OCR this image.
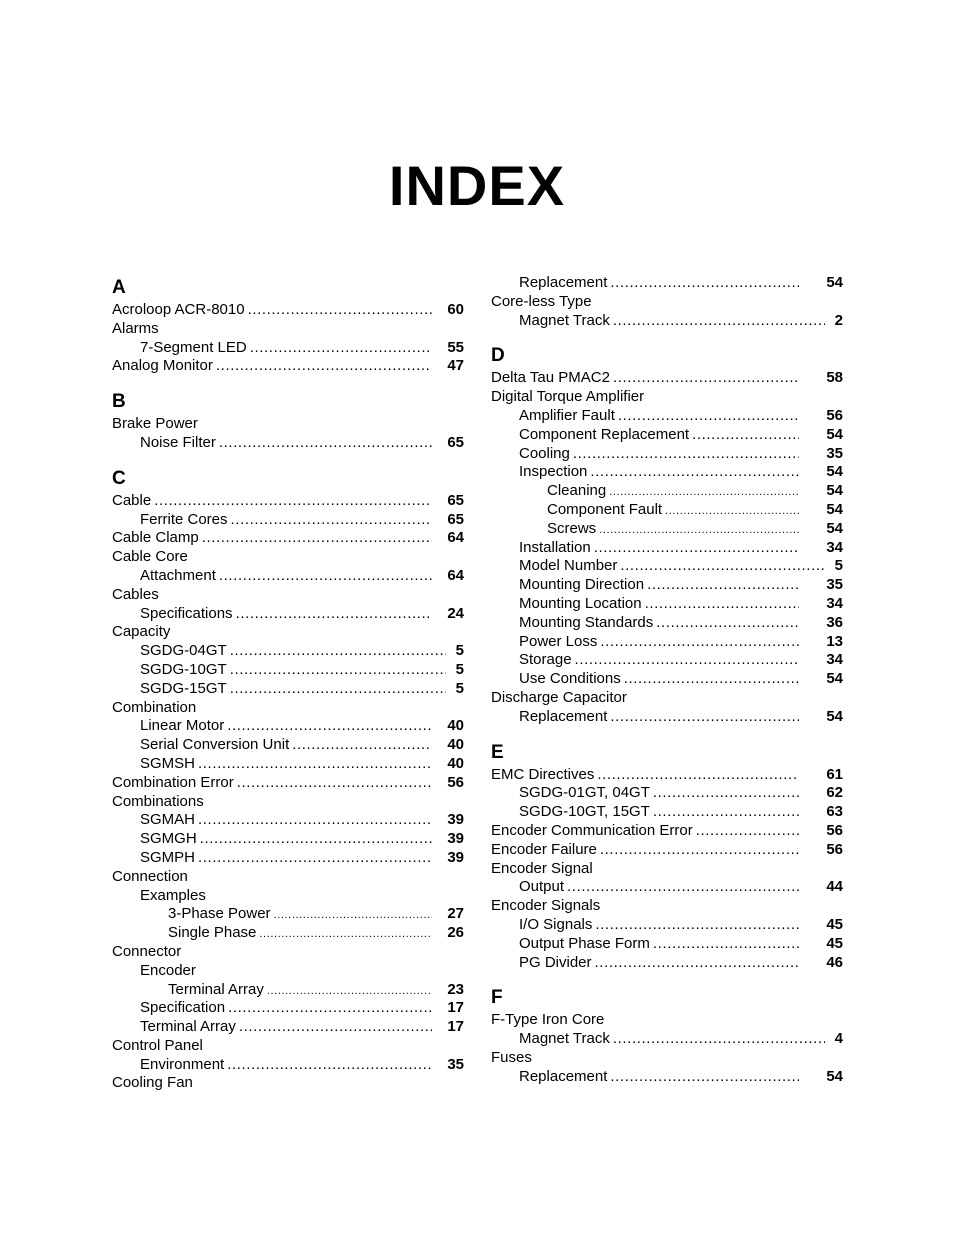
INDEX
A
Acroloop ACR-8010 .....	60
Alarms
7-Segment LED .....	55
Analog Monitor .....	47
B
Brake Power
Noise Filter .....	65
C
Cable .....	65
Ferrite Cores .....	65
Cable Clamp .....	64
Cable Core
Attachment .....	64
Cables
Specifications .....	24
Capacity
SGDG-04GT .....	5
SGDG-10GT .....	5
SGDG-15GT .....	5
Combination
Linear Motor .....	40
Serial Conversion Unit .....	40
SGMSH .....	40
Combination Error .....	56
Combinations
SGMAH .....	39
SGMGH .....	39
SGMPH .....	39
Connection
Examples
3-Phase Power .....	27
Single Phase .....	26
Connector
Encoder
Terminal Array .....	23
Specification .....	17
Terminal Array .....	17
Control Panel
Environment .....	35
Cooling Fan
Replacement .....	54
Core-less Type
Magnet Track .....	2
D
Delta Tau PMAC2 .....	58
Digital Torque Amplifier
Amplifier Fault .....	56
Component Replacement .....	54
Cooling .....	35
Inspection .....	54
Cleaning .....	54
Component Fault .....	54
Screws .....	54
Installation .....	34
Model Number .....	5
Mounting Direction .....	35
Mounting Location .....	34
Mounting Standards .....	36
Power Loss .....	13
Storage .....	34
Use Conditions .....	54
Discharge Capacitor
Replacement .....	54
E
EMC Directives .....	61
SGDG-01GT, 04GT .....	62
SGDG-10GT, 15GT .....	63
Encoder Communication Error .....	56
Encoder Failure .....	56
Encoder Signal
Output .....	44
Encoder Signals
I/O Signals .....	45
Output Phase Form .....	45
PG Divider .....	46
F
F-Type Iron Core
Magnet Track .....	4
Fuses
Replacement .....	54
